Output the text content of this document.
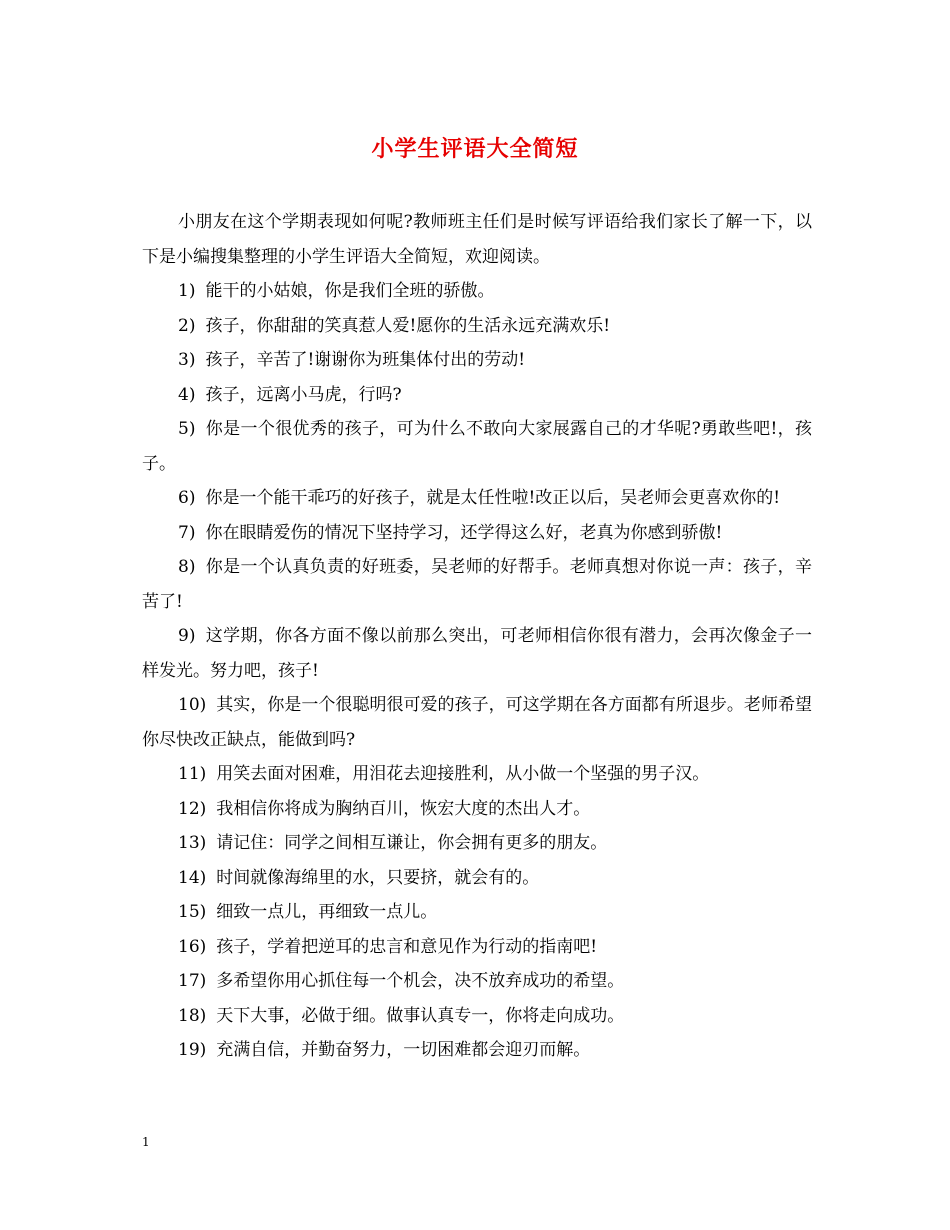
小学生评语大全简短

小朋友在这个学期表现如何呢?教师班主任们是时候写评语给我们家长了解一下，以下是小编搜集整理的小学生评语大全简短，欢迎阅读。

1) 能干的小姑娘，你是我们全班的骄傲。

2) 孩子，你甜甜的笑真惹人爱!愿你的生活永远充满欢乐!

3) 孩子，辛苦了!谢谢你为班集体付出的劳动!

4) 孩子，远离小马虎，行吗?

5) 你是一个很优秀的孩子，可为什么不敢向大家展露自己的才华呢?勇敢些吧!，孩子。

6) 你是一个能干乖巧的好孩子，就是太任性啦!改正以后，吴老师会更喜欢你的!

7) 你在眼睛爱伤的情况下坚持学习，还学得这么好，老真为你感到骄傲!

8) 你是一个认真负责的好班委，吴老师的好帮手。老师真想对你说一声：孩子，辛苦了!

9) 这学期，你各方面不像以前那么突出，可老师相信你很有潜力，会再次像金子一样发光。努力吧，孩子!

10) 其实，你是一个很聪明很可爱的孩子，可这学期在各方面都有所退步。老师希望你尽快改正缺点，能做到吗?

11) 用笑去面对困难，用泪花去迎接胜利，从小做一个坚强的男子汉。

12) 我相信你将成为胸纳百川，恢宏大度的杰出人才。

13) 请记住：同学之间相互谦让，你会拥有更多的朋友。

14) 时间就像海绵里的水，只要挤，就会有的。

15) 细致一点儿，再细致一点儿。

16) 孩子，学着把逆耳的忠言和意见作为行动的指南吧!

17) 多希望你用心抓住每一个机会，决不放弃成功的希望。

18) 天下大事，必做于细。做事认真专一，你将走向成功。

19) 充满自信，并勤奋努力，一切困难都会迎刃而解。

1
